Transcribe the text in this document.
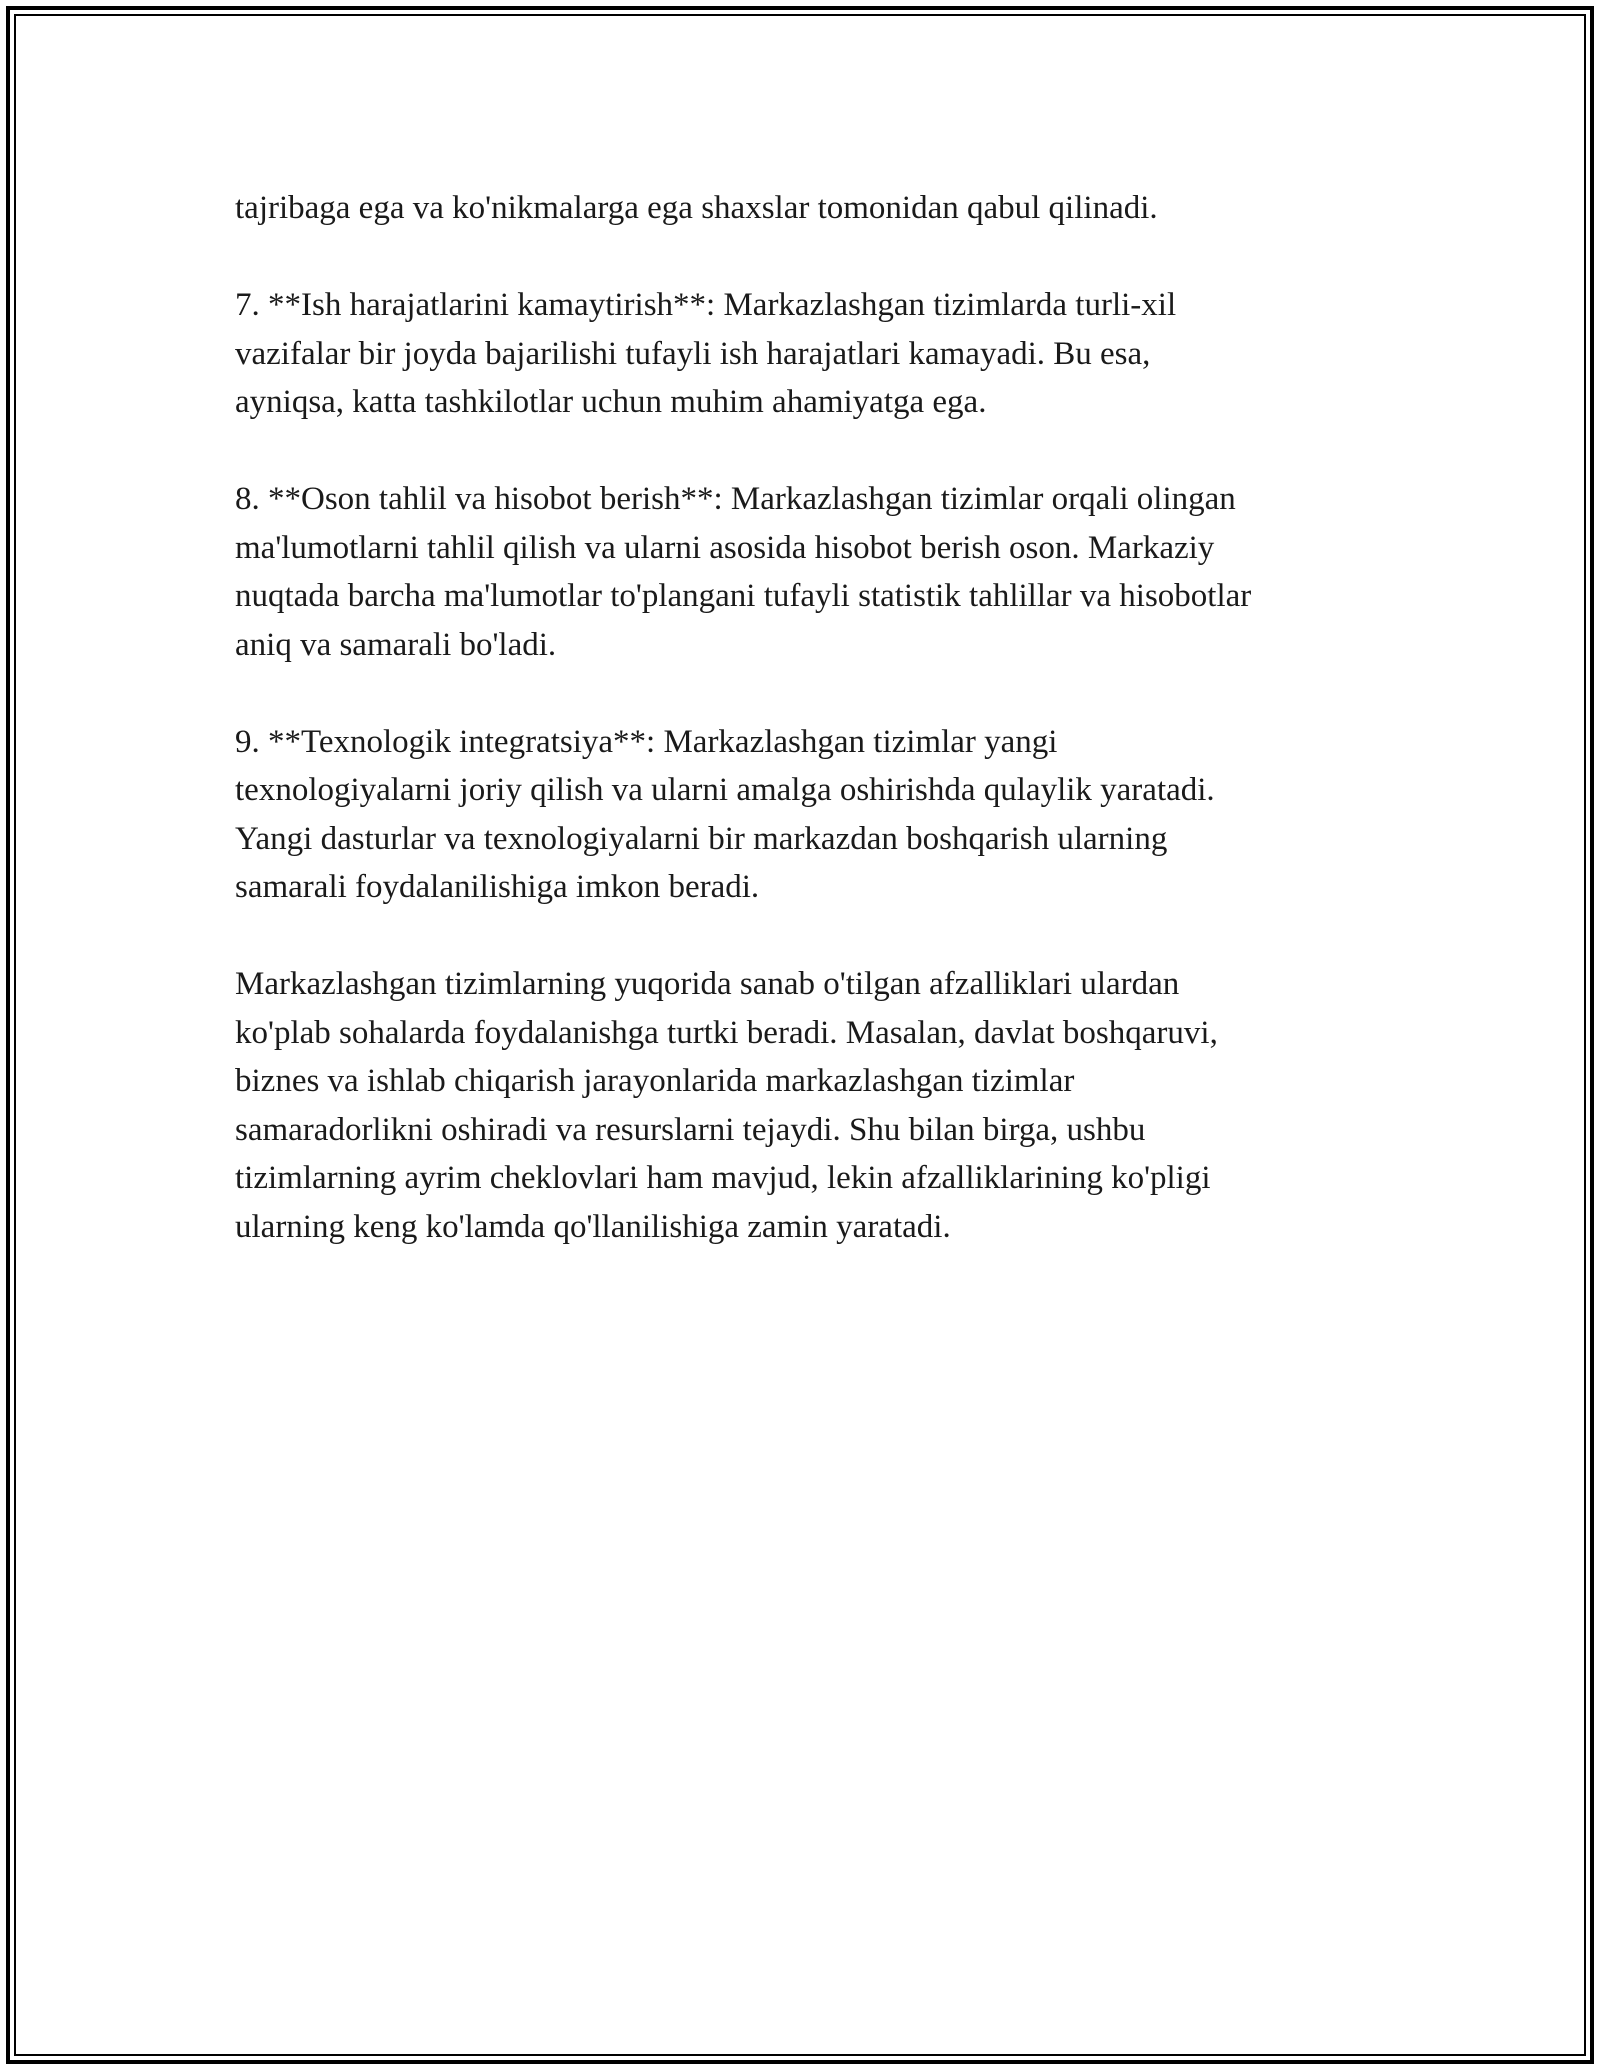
tajribaga ega va ko'nikmalarga ega shaxslar tomonidan qabul qilinadi.

7. **Ish harajatlarini kamaytirish**: Markazlashgan tizimlarda turli-xil
vazifalar bir joyda bajarilishi tufayli ish harajatlari kamayadi. Bu esa,
ayniqsa, katta tashkilotlar uchun muhim ahamiyatga ega.

8. **Oson tahlil va hisobot berish**: Markazlashgan tizimlar orqali olingan
ma'lumotlarni tahlil qilish va ularni asosida hisobot berish oson. Markaziy
nuqtada barcha ma'lumotlar to'plangani tufayli statistik tahlillar va hisobotlar
aniq va samarali bo'ladi.

9. **Texnologik integratsiya**: Markazlashgan tizimlar yangi
texnologiyalarni joriy qilish va ularni amalga oshirishda qulaylik yaratadi.
Yangi dasturlar va texnologiyalarni bir markazdan boshqarish ularning
samarali foydalanilishiga imkon beradi.

Markazlashgan tizimlarning yuqorida sanab o'tilgan afzalliklari ulardan
ko'plab sohalarda foydalanishga turtki beradi. Masalan, davlat boshqaruvi,
biznes va ishlab chiqarish jarayonlarida markazlashgan tizimlar
samaradorlikni oshiradi va resurslarni tejaydi. Shu bilan birga, ushbu
tizimlarning ayrim cheklovlari ham mavjud, lekin afzalliklarining ko'pligi
ularning keng ko'lamda qo'llanilishiga zamin yaratadi.
